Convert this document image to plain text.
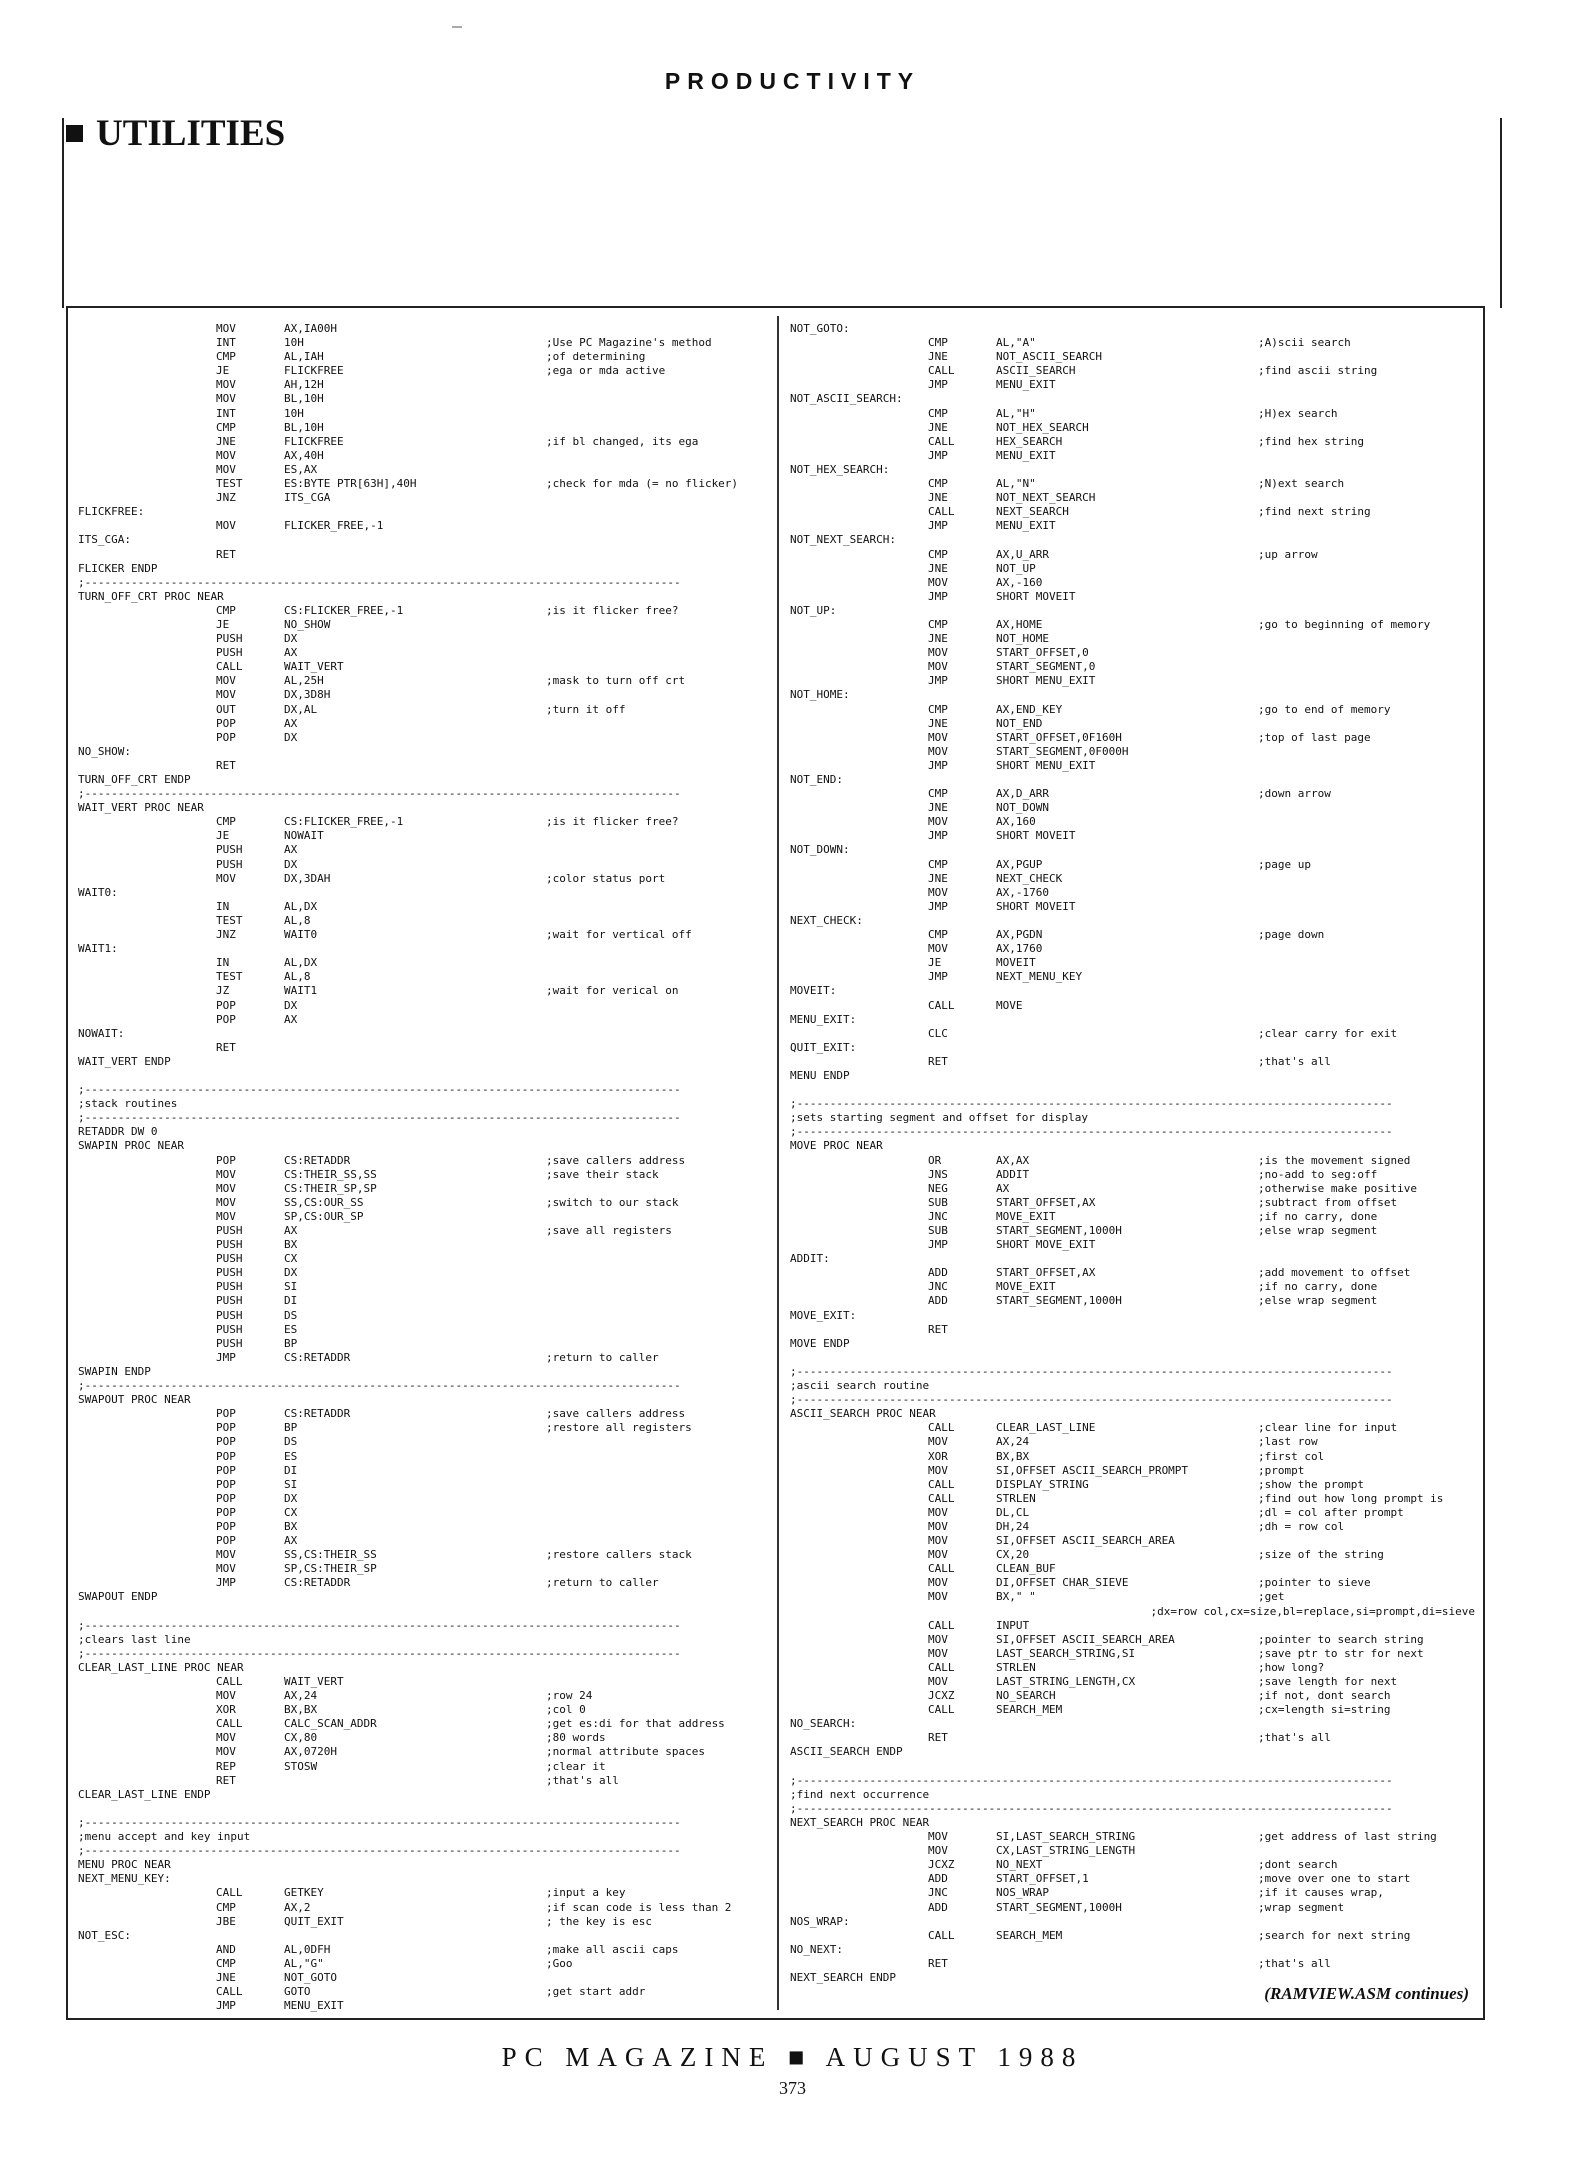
PRODUCTIVITY
UTILITIES
MOV	AX,IA00H
INT	10H	;Use PC Magazine's method
CMP	AL,IAH	;of determining
JE	FLICKFREE	;ega or mda active
MOV	AH,12H
MOV	BL,10H
INT	10H
CMP	BL,10H
JNE	FLICKFREE	;if bl changed, its ega
MOV	AX,40H
MOV	ES,AX
TEST	ES:BYTE PTR[63H],40H	;check for mda (= no flicker)
JNZ	ITS_CGA
FLICKFREE:
MOV	FLICKER_FREE,-1
ITS_CGA:
RET
FLICKER ENDP
;------------------------------------------------------------------------------------------
TURN_OFF_CRT PROC NEAR
CMP	CS:FLICKER_FREE,-1	;is it flicker free?
JE	NO_SHOW
PUSH	DX
PUSH	AX
CALL	WAIT_VERT
MOV	AL,25H	;mask to turn off crt
MOV	DX,3D8H
OUT	DX,AL	;turn it off
POP	AX
POP	DX
NO_SHOW:
RET
TURN_OFF_CRT ENDP
;------------------------------------------------------------------------------------------
WAIT_VERT PROC NEAR
CMP	CS:FLICKER_FREE,-1	;is it flicker free?
JE	NOWAIT
PUSH	AX
PUSH	DX
MOV	DX,3DAH	;color status port
WAIT0:
IN	AL,DX
TEST	AL,8
JNZ	WAIT0	;wait for vertical off
WAIT1:
IN	AL,DX
TEST	AL,8
JZ	WAIT1	;wait for verical on
POP	DX
POP	AX
NOWAIT:
RET
WAIT_VERT ENDP
;------------------------------------------------------------------------------------------
;stack routines
;------------------------------------------------------------------------------------------
RETADDR DW 0
SWAPIN PROC NEAR
POP	CS:RETADDR	;save callers address
MOV	CS:THEIR_SS,SS	;save their stack
MOV	CS:THEIR_SP,SP
MOV	SS,CS:OUR_SS	;switch to our stack
MOV	SP,CS:OUR_SP
PUSH	AX	;save all registers
PUSH	BX
PUSH	CX
PUSH	DX
PUSH	SI
PUSH	DI
PUSH	DS
PUSH	ES
PUSH	BP
JMP	CS:RETADDR	;return to caller
SWAPIN ENDP
;------------------------------------------------------------------------------------------
SWAPOUT PROC NEAR
POP	CS:RETADDR	;save callers address
POP	BP	;restore all registers
POP	DS
POP	ES
POP	DI
POP	SI
POP	DX
POP	CX
POP	BX
POP	AX
MOV	SS,CS:THEIR_SS	;restore callers stack
MOV	SP,CS:THEIR_SP
JMP	CS:RETADDR	;return to caller
SWAPOUT ENDP
;------------------------------------------------------------------------------------------
;clears last line
;------------------------------------------------------------------------------------------
CLEAR_LAST_LINE PROC NEAR
CALL	WAIT_VERT
MOV	AX,24	;row 24
XOR	BX,BX	;col 0
CALL	CALC_SCAN_ADDR	;get es:di for that address
MOV	CX,80	;80 words
MOV	AX,0720H	;normal attribute spaces
REP	STOSW	;clear it
RET	;that's all
CLEAR_LAST_LINE ENDP
;------------------------------------------------------------------------------------------
;menu accept and key input
;------------------------------------------------------------------------------------------
MENU PROC NEAR
NEXT_MENU_KEY:
CALL	GETKEY	;input a key
CMP	AX,2	;if scan code is less than 2
JBE	QUIT_EXIT	; the key is esc
NOT_ESC:
AND	AL,0DFH	;make all ascii caps
CMP	AL,"G"	;Goo
JNE	NOT_GOTO
CALL	GOTO	;get start addr
JMP	MENU_EXIT
NOT_GOTO:
CMP	AL,"A"	;A)scii search
JNE	NOT_ASCII_SEARCH
CALL	ASCII_SEARCH	;find ascii string
JMP	MENU_EXIT
NOT_ASCII_SEARCH:
CMP	AL,"H"	;H)ex search
JNE	NOT_HEX_SEARCH
CALL	HEX_SEARCH	;find hex string
JMP	MENU_EXIT
NOT_HEX_SEARCH:
CMP	AL,"N"	;N)ext search
JNE	NOT_NEXT_SEARCH
CALL	NEXT_SEARCH	;find next string
JMP	MENU_EXIT
NOT_NEXT_SEARCH:
CMP	AX,U_ARR	;up arrow
JNE	NOT_UP
MOV	AX,-160
JMP	SHORT MOVEIT
NOT_UP:
CMP	AX,HOME	;go to beginning of memory
JNE	NOT_HOME
MOV	START_OFFSET,0
MOV	START_SEGMENT,0
JMP	SHORT MENU_EXIT
NOT_HOME:
CMP	AX,END_KEY	;go to end of memory
JNE	NOT_END
MOV	START_OFFSET,0F160H	;top of last page
MOV	START_SEGMENT,0F000H
JMP	SHORT MENU_EXIT
NOT_END:
CMP	AX,D_ARR	;down arrow
JNE	NOT_DOWN
MOV	AX,160
JMP	SHORT MOVEIT
NOT_DOWN:
CMP	AX,PGUP	;page up
JNE	NEXT_CHECK
MOV	AX,-1760
JMP	SHORT MOVEIT
NEXT_CHECK:
CMP	AX,PGDN	;page down
MOV	AX,1760
JE	MOVEIT
JMP	NEXT_MENU_KEY
MOVEIT:
CALL	MOVE
MENU_EXIT:
CLC	;clear carry for exit
QUIT_EXIT:
RET	;that's all
MENU ENDP
;------------------------------------------------------------------------------------------
;sets starting segment and offset for display
;------------------------------------------------------------------------------------------
MOVE PROC NEAR
OR	AX,AX	;is the movement signed
JNS	ADDIT	;no-add to seg:off
NEG	AX	;otherwise make positive
SUB	START_OFFSET,AX	;subtract from offset
JNC	MOVE_EXIT	;if no carry, done
SUB	START_SEGMENT,1000H	;else wrap segment
JMP	SHORT MOVE_EXIT
ADDIT:
ADD	START_OFFSET,AX	;add movement to offset
JNC	MOVE_EXIT	;if no carry, done
ADD	START_SEGMENT,1000H	;else wrap segment
MOVE_EXIT:
RET
MOVE ENDP
;------------------------------------------------------------------------------------------
;ascii search routine
;------------------------------------------------------------------------------------------
ASCII_SEARCH PROC NEAR
CALL	CLEAR_LAST_LINE	;clear line for input
MOV	AX,24	;last row
XOR	BX,BX	;first col
MOV	SI,OFFSET ASCII_SEARCH_PROMPT	;prompt
CALL	DISPLAY_STRING	;show the prompt
CALL	STRLEN	;find out how long prompt is
MOV	DL,CL	;dl = col after prompt
MOV	DH,24	;dh = row col
MOV	SI,OFFSET ASCII_SEARCH_AREA
MOV	CX,20	;size of the string
CALL	CLEAN_BUF
MOV	DI,OFFSET CHAR_SIEVE	;pointer to sieve
MOV	BX," "	;get
;dx=row col,cx=size,bl=replace,si=prompt,di=sieve
CALL	INPUT
MOV	SI,OFFSET ASCII_SEARCH_AREA	;pointer to search string
MOV	LAST_SEARCH_STRING,SI	;save ptr to str for next
CALL	STRLEN	;how long?
MOV	LAST_STRING_LENGTH,CX	;save length for next
JCXZ	NO_SEARCH	;if not, dont search
CALL	SEARCH_MEM	;cx=length si=string
NO_SEARCH:
RET	;that's all
ASCII_SEARCH ENDP
;------------------------------------------------------------------------------------------
;find next occurrence
;------------------------------------------------------------------------------------------
NEXT_SEARCH PROC NEAR
MOV	SI,LAST_SEARCH_STRING	;get address of last string
MOV	CX,LAST_STRING_LENGTH
JCXZ	NO_NEXT	;dont search
ADD	START_OFFSET,1	;move over one to start
JNC	NOS_WRAP	;if it causes wrap,
ADD	START_SEGMENT,1000H	;wrap segment
NOS_WRAP:
CALL	SEARCH_MEM	;search for next string
NO_NEXT:
RET	;that's all
NEXT_SEARCH ENDP
(RAMVIEW.ASM continues)
PC MAGAZINE ■ AUGUST 1988
373
